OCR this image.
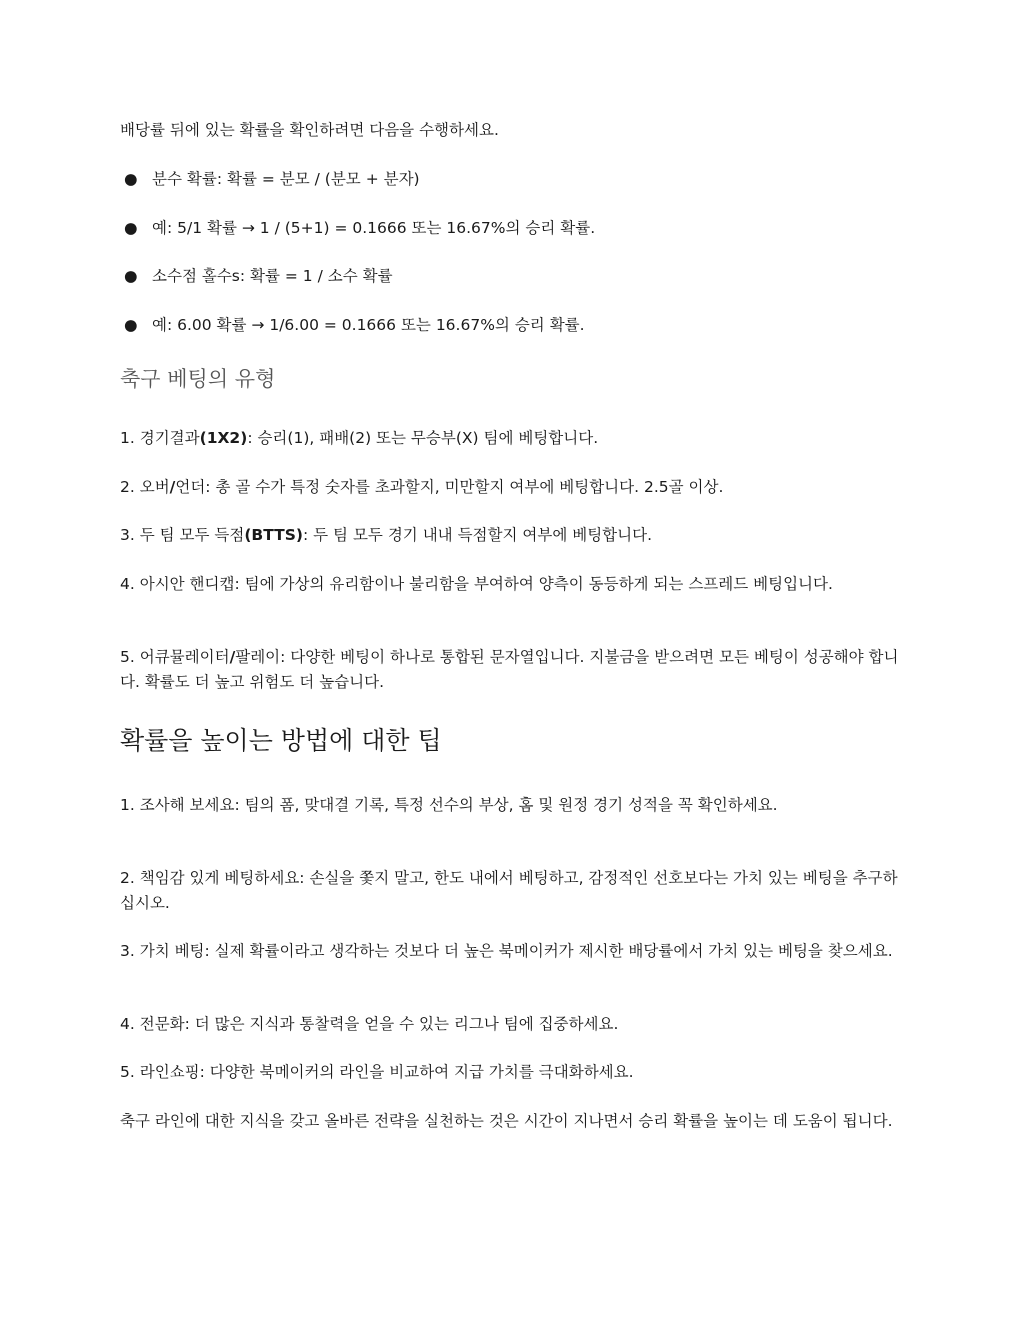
배당률 뒤에 있는 확률을 확인하려면 다음을 수행하세요.

● 분수 확률: 확률 = 분모 / (분모 + 분자)
● 예: 5/1 확률 → 1 / (5+1) = 0.1666 또는 16.67%의 승리 확률.
● 소수점 홀수s: 확률 = 1 / 소수 확률
● 예: 6.00 확률 → 1/6.00 = 0.1666 또는 16.67%의 승리 확률.
축구 베팅의 유형

1. 경기결과(1X2): 승리(1), 패배(2) 또는 무승부(X) 팀에 베팅합니다.

2. 오버/언더: 총 골 수가 특정 숫자를 초과할지, 미만할지 여부에 베팅합니다. 2.5골 이상.

3. 두 팀 모두 득점(BTTS): 두 팀 모두 경기 내내 득점할지 여부에 베팅합니다.

4. 아시안 핸디캡: 팀에 가상의 유리함이나 불리함을 부여하여 양측이 동등하게 되는 스프레드 베팅입니다.

5. 어큐뮬레이터/팔레이: 다양한 베팅이 하나로 통합된 문자열입니다. 지불금을 받으려면 모든 베팅이 성공해야 합니다. 확률도 더 높고 위험도 더 높습니다.

확률을 높이는 방법에 대한 팁

1. 조사해 보세요: 팀의 폼, 맞대결 기록, 특정 선수의 부상, 홈 및 원정 경기 성적을 꼭 확인하세요.

2. 책임감 있게 베팅하세요: 손실을 쫓지 말고, 한도 내에서 베팅하고, 감정적인 선호보다는 가치 있는 베팅을 추구하십시오.

3. 가치 베팅: 실제 확률이라고 생각하는 것보다 더 높은 북메이커가 제시한 배당률에서 가치 있는 베팅을 찾으세요.

4. 전문화: 더 많은 지식과 통찰력을 얻을 수 있는 리그나 팀에 집중하세요.

5. 라인쇼핑: 다양한 북메이커의 라인을 비교하여 지급 가치를 극대화하세요.

축구 라인에 대한 지식을 갖고 올바른 전략을 실천하는 것은 시간이 지나면서 승리 확률을 높이는 데 도움이 됩니다.
